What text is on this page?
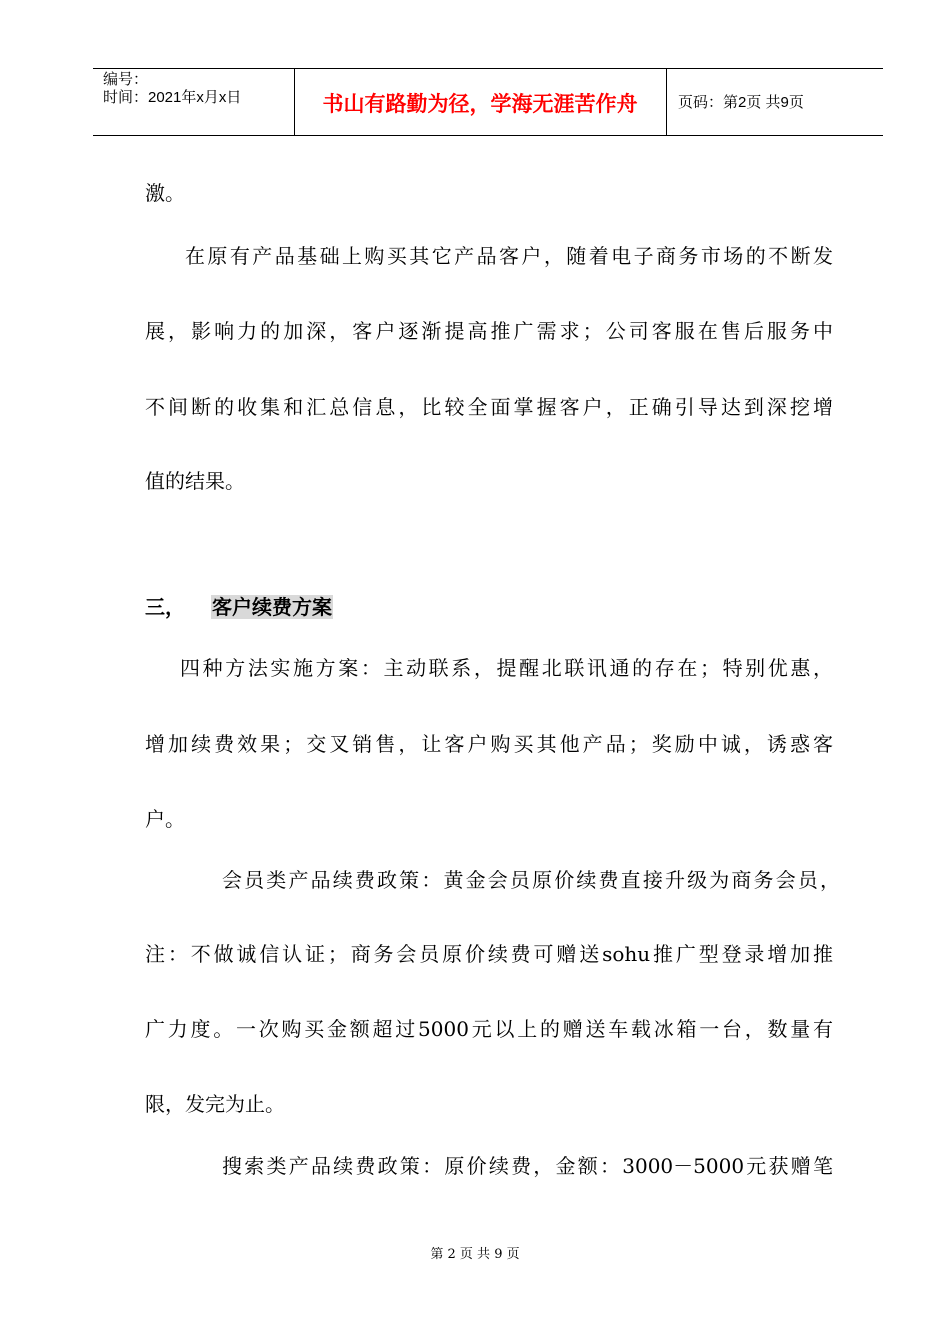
编号：
时间：2021年x月x日	书山有路勤为径，学海无涯苦作舟	页码：第2页 共9页
激。
在原有产品基础上购买其它产品客户，随着电子商务市场的不断发
展，影响力的加深，客户逐渐提高推广需求；公司客服在售后服务中
不间断的收集和汇总信息，比较全面掌握客户，正确引导达到深挖增
值的结果。
三， 客户续费方案
四种方法实施方案：主动联系，提醒北联讯通的存在；特别优惠，
增加续费效果；交叉销售，让客户购买其他产品；奖励中诚，诱惑客
户。
会员类产品续费政策：黄金会员原价续费直接升级为商务会员，
注：不做诚信认证；商务会员原价续费可赠送sohu推广型登录增加推
广力度。一次购买金额超过5000元以上的赠送车载冰箱一台，数量有
限，发完为止。
搜索类产品续费政策：原价续费，金额：3000－5000元获赠笔
第 2 页 共 9 页
